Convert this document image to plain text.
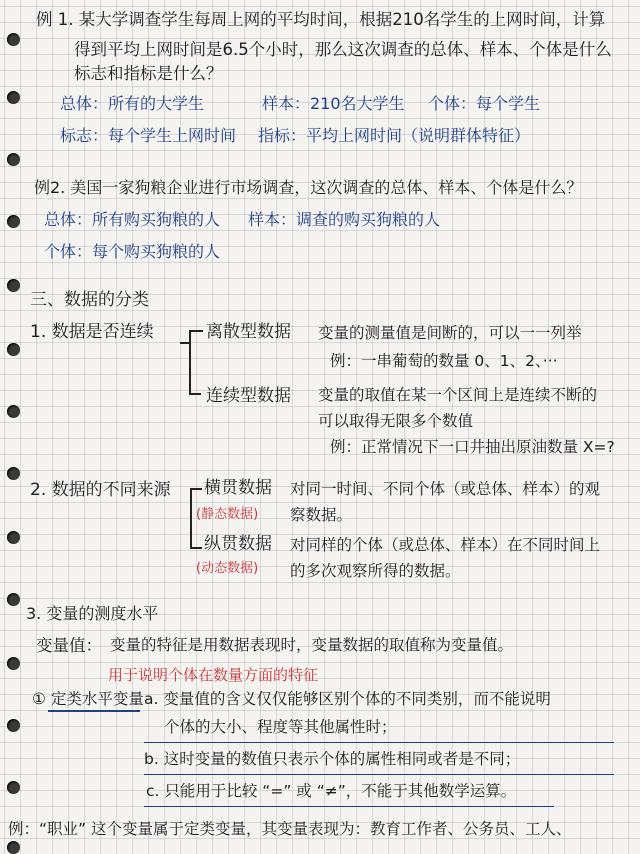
例 1. 某大学调查学生每周上网的平均时间，根据210名学生的上网时间，计算
得到平均上网时间是6.5个小时，那么这次调查的总体、样本、个体是什么
标志和指标是什么？
总体：所有的大学生	样本：210名大学生 个体：每个学生
标志：每个学生上网时间 指标：平均上网时间（说明群体特征）
例2. 美国一家狗粮企业进行市场调查，这次调查的总体、样本、个体是什么？
总体：所有购买狗粮的人 样本：调查的购买狗粮的人
个体：每个购买狗粮的人
三、数据的分类
1. 数据是否连续	离散型数据 变量的测量值是间断的，可以一一列举
例：一串葡萄的数量 0、1、2、···
连续型数据 变量的取值在某一个区间上是连续不断的
可以取得无限多个数值
例：正常情况下一口井抽出原油数量 X=?
2. 数据的不同来源 横贯数据
(静态数据)
对同一时间、不同个体（或总体、样本）的观
察数据。
纵贯数据
(动态数据)
对同样的个体（或总体、样本）在不同时间上
的多次观察所得的数据。
3. 变量的测度水平
变量值： 变量的特征是用数据表现时，变量数据的取值称为变量值。
用于说明个体在数量方面的特征
① 定类水平变量 a. 变量值的含义仅仅能够区别个体的不同类别，而不能说明
个体的大小、程度等其他属性时；
b. 这时变量的数值只表示个体的属性相同或者是不同；
c. 只能用于比较 “=” 或 “≠”，不能于其他数学运算。
例：“职业” 这个变量属于定类变量，其变量表现为：教育工作者、公务员、工人、
